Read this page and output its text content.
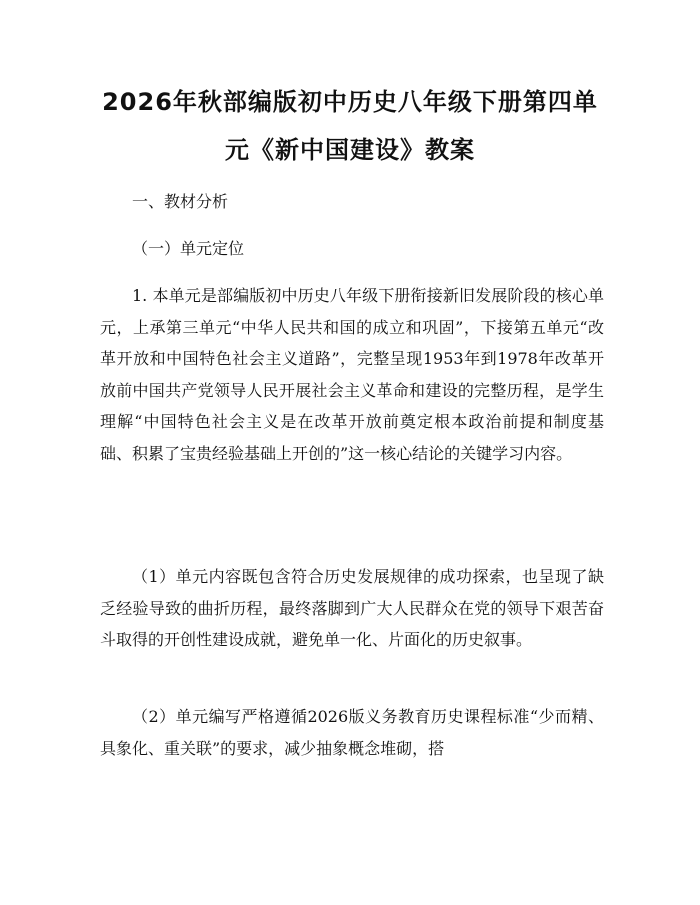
2026年秋部编版初中历史八年级下册第四单元《新中国建设》教案

一、教材分析

（一）单元定位

1. 本单元是部编版初中历史八年级下册衔接新旧发展阶段的核心单元，上承第三单元“中华人民共和国的成立和巩固”，下接第五单元“改革开放和中国特色社会主义道路”，完整呈现1953年到1978年改革开放前中国共产党领导人民开展社会主义革命和建设的完整历程，是学生理解“中国特色社会主义是在改革开放前奠定根本政治前提和制度基础、积累了宝贵经验基础上开创的”这一核心结论的关键学习内容。

（1）单元内容既包含符合历史发展规律的成功探索，也呈现了缺乏经验导致的曲折历程，最终落脚到广大人民群众在党的领导下艰苦奋斗取得的开创性建设成就，避免单一化、片面化的历史叙事。

（2）单元编写严格遵循2026版义务教育历史课程标准“少而精、具象化、重关联”的要求，减少抽象概念堆砌，搭
